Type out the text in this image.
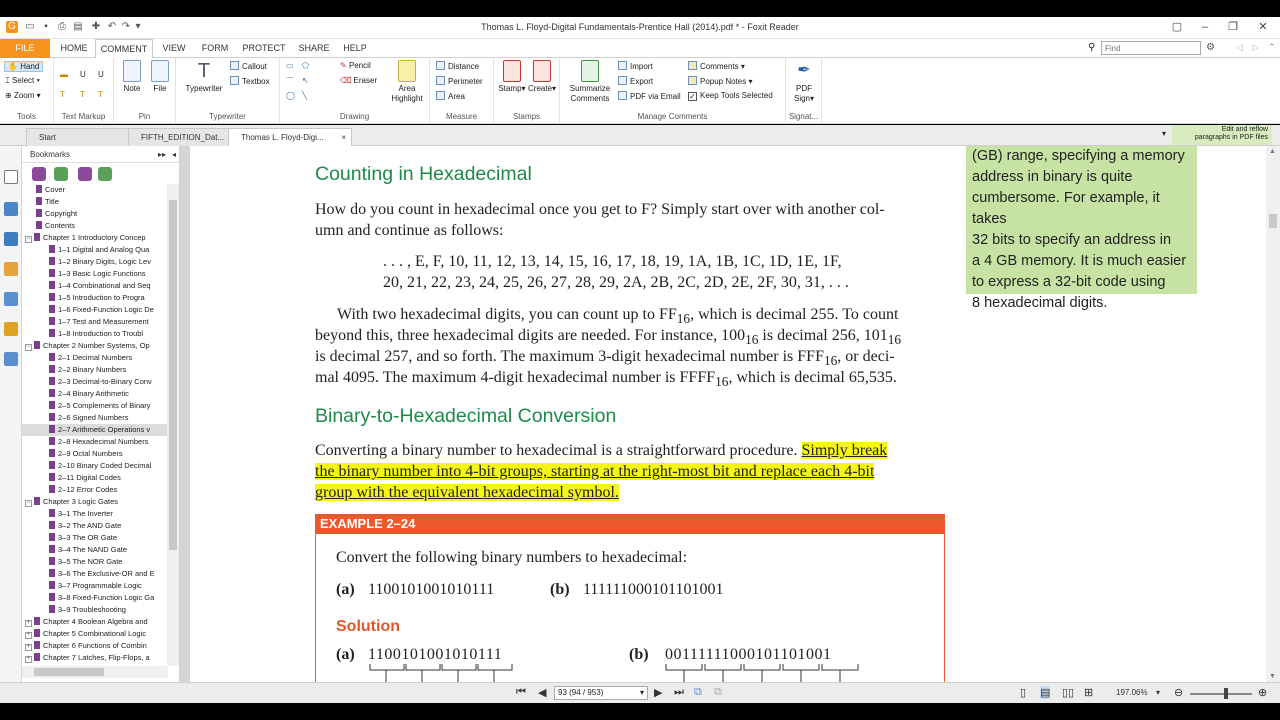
G ▭ ▪	⎙ ▤ ✚ ↶ ↷ ▾	Thomas L. Floyd-Digital Fundamentals-Prentice Hall (2014).pdf * - Foxit Reader	▢	–	❐	✕
FILE	HOME	COMMENT	VIEW	FORM	PROTECT	SHARE	HELP	⚲
Find	⚙ ◁ ▷ ⌃
✋ Hand
⌶ Select ▾
⊕ Zoom ▾
Tools
▬ U U
T T T
Text Markup
Note	File
Pin
T
Typewriter
Callout
Textbox
Typewriter
▭ ⬠
⌒ ↖
◯ ╲
✎ Pencil
⌫ Eraser
Area
Highlight
Drawing
Distance
Perimeter
Area
Measure
Stamp▾ Create▾
Stamps
Summarize
Comments
Import
Export
PDF via Email
Comments ▾
Popup Notes ▾
✓ Keep Tools Selected
Manage Comments
✒
PDF
Sign▾
Signat...
Start	FIFTH_EDITION_Dat...	Thomas L. Floyd-Digi... ×	▾	Edit and reflow
paragraphs in PDF files
Bookmarks	▸▸ ◂
Cover
Title
Copyright
Contents
− Chapter 1 Introductory Concep
1–1 Digital and Analog Qua
1–2 Binary Digits, Logic Lev
1–3 Basic Logic Functions
1–4 Combinational and Seq
1–5 Introduction to Progra
1–6 Fixed-Function Logic De
1–7 Test and Measurement
1–8 Introduction to Troubl
− Chapter 2 Number Systems, Op
2–1 Decimal Numbers
2–2 Binary Numbers
2–3 Decimal-to-Binary Conv
2–4 Binary Arithmetic
2–5 Complements of Binary
2–6 Signed Numbers
2–7 Arithmetic Operations v
2–8 Hexadecimal Numbers
2–9 Octal Numbers
2–10 Binary Coded Decimal
2–11 Digital Codes
2–12 Error Codes
− Chapter 3 Logic Gates
3–1 The Inverter
3–2 The AND Gate
3–3 The OR Gate
3–4 The NAND Gate
3–5 The NOR Gate
3–6 The Exclusive-OR and E
3–7 Programmable Logic
3–8 Fixed-Function Logic Ga
3–9 Troubleshooting
+ Chapter 4 Boolean Algebra and
+ Chapter 5 Combinational Logic
+ Chapter 6 Functions of Combin
+ Chapter 7 Latches, Flip-Flops, a
Counting in Hexadecimal
How do you count in hexadecimal once you get to F? Simply start over with another col-
umn and continue as follows:
. . . , E, F, 10, 11, 12, 13, 14, 15, 16, 17, 18, 19, 1A, 1B, 1C, 1D, 1E, 1F,
20, 21, 22, 23, 24, 25, 26, 27, 28, 29, 2A, 2B, 2C, 2D, 2E, 2F, 30, 31, . . .
With two hexadecimal digits, you can count up to $FF_{16}$, which is decimal 255. To count
beyond this, three hexadecimal digits are needed. For instance, $100_{16}$ is decimal 256, $101_{16}$
is decimal 257, and so forth. The maximum 3-digit hexadecimal number is $FFF_{16}$, or deci-
mal 4095. The maximum 4-digit hexadecimal number is $FFFF_{16}$, which is decimal 65,535.
Binary-to-Hexadecimal Conversion
Converting a binary number to hexadecimal is a straightforward procedure. Simply break
the binary number into 4-bit groups, starting at the right-most bit and replace each 4-bit
group with the equivalent hexadecimal symbol.
EXAMPLE 2–24
Convert the following binary numbers to hexadecimal:
(a) 1100101001010111	(b) 111111000101101001
Solution
(a) 1100101001010111	(b) 00111111000101101001
(GB) range, specifying a memory
address in binary is quite
cumbersome. For example, it takes
32 bits to specify an address in
a 4 GB memory. It is much easier
to express a 32-bit code using
8 hexadecimal digits.
▲
▼
⏮ ◀	93 (94 / 953)	▾ ▶ ⏭ ⧉ ⧉	▯ ▤ ▯▯ ⊞	197.06% ▾ ⊖	⊕
